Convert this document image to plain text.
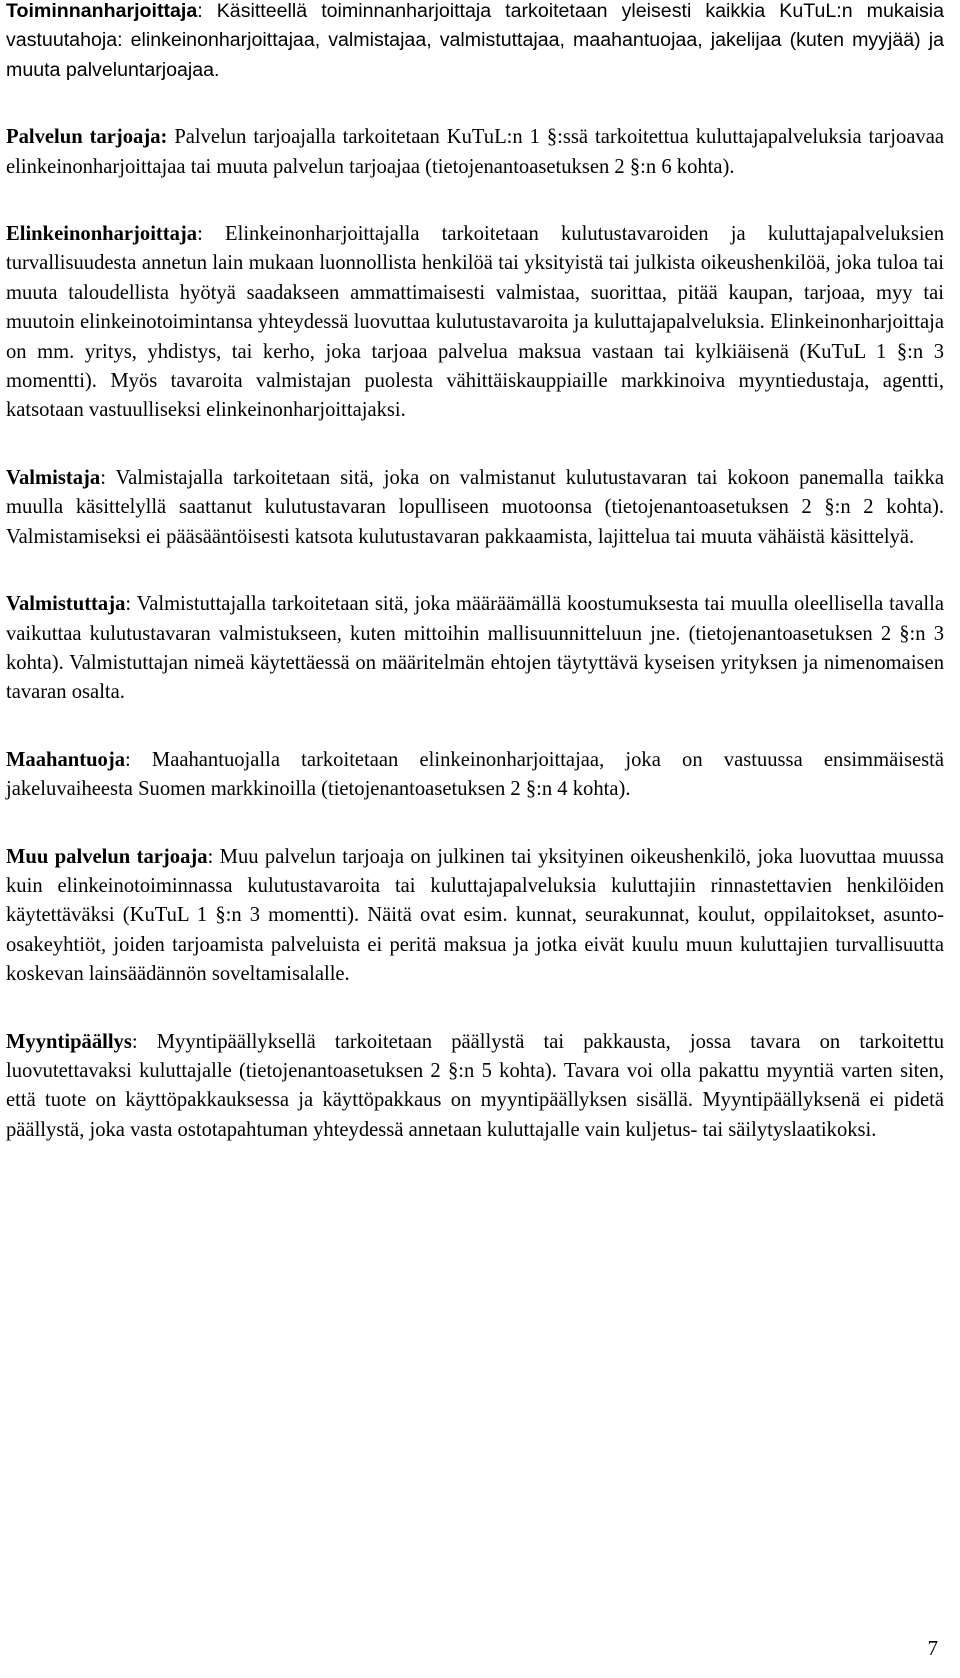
Toiminnanharjoittaja: Käsitteellä toiminnanharjoittaja tarkoitetaan yleisesti kaikkia KuTuL:n mukaisia vastuutahoja: elinkeinonharjoittajaa, valmistajaa, valmistuttajaa, maahantuojaa, jakelijaa (kuten myyjää) ja muuta palveluntarjoajaa.

Palvelun tarjoaja: Palvelun tarjoajalla tarkoitetaan KuTuL:n 1 §:ssä tarkoitettua kuluttajapalveluksia tarjoavaa elinkeinonharjoittajaa tai muuta palvelun tarjoajaa (tietojenantoasetuksen 2 §:n 6 kohta).

Elinkeinonharjoittaja: Elinkeinonharjoittajalla tarkoitetaan kulutustavaroiden ja kuluttajapalveluksien turvallisuudesta annetun lain mukaan luonnollista henkilöä tai yksityistä tai julkista oikeushenkilöä, joka tuloa tai muuta taloudellista hyötyä saadakseen ammattimaisesti valmistaa, suorittaa, pitää kaupan, tarjoaa, myy tai muutoin elinkeinotoimintansa yhteydessä luovuttaa kulutustavaroita ja kuluttajapalveluksia. Elinkeinonharjoittaja on mm. yritys, yhdistys, tai kerho, joka tarjoaa palvelua maksua vastaan tai kylkiäisenä (KuTuL 1 §:n 3 momentti). Myös tavaroita valmistajan puolesta vähittäiskauppiaille markkinoiva myyntiedustaja, agentti, katsotaan vastuulliseksi elinkeinonharjoittajaksi.

Valmistaja: Valmistajalla tarkoitetaan sitä, joka on valmistanut kulutustavaran tai kokoon panemalla taikka muulla käsittelyllä saattanut kulutustavaran lopulliseen muotoonsa (tietojenantoasetuksen 2 §:n 2 kohta). Valmistamiseksi ei pääsääntöisesti katsota kulutustavaran pakkaamista, lajittelua tai muuta vähäistä käsittelyä.

Valmistuttaja: Valmistuttajalla tarkoitetaan sitä, joka määräämällä koostumuksesta tai muulla oleellisella tavalla vaikuttaa kulutustavaran valmistukseen, kuten mittoihin mallisuunnitteluun jne. (tietojenantoasetuksen 2 §:n 3 kohta). Valmistuttajan nimeä käytettäessä on määritelmän ehtojen täytyttävä kyseisen yrityksen ja nimenomaisen tavaran osalta.

Maahantuoja: Maahantuojalla tarkoitetaan elinkeinonharjoittajaa, joka on vastuussa ensimmäisestä jakeluvaiheesta Suomen markkinoilla (tietojenantoasetuksen 2 §:n 4 kohta).

Muu palvelun tarjoaja: Muu palvelun tarjoaja on julkinen tai yksityinen oikeushenkilö, joka luovuttaa muussa kuin elinkeinotoiminnassa kulutustavaroita tai kuluttajapalveluksia kuluttajiin rinnastettavien henkilöiden käytettäväksi (KuTuL 1 §:n 3 momentti). Näitä ovat esim. kunnat, seurakunnat, koulut, oppilaitokset, asuntoosakeyhtiöt, joiden tarjoamista palveluista ei peritä maksua ja jotka eivät kuulu muun kuluttajien turvallisuutta koskevan lainsäädännön soveltamisalalle.

Myyntipäällys: Myyntipäällyksellä tarkoitetaan päällystä tai pakkausta, jossa tavara on tarkoitettu luovutettavaksi kuluttajalle (tietojenantoasetuksen 2 §:n 5 kohta). Tavara voi olla pakattu myyntiä varten siten, että tuote on käyttöpakkauksessa ja käyttöpakkaus on myyntipäällyksen sisällä. Myyntipäällyksenä ei pidetä päällystä, joka vasta ostotapahtuman yhteydessä annetaan kuluttajalle vain kuljetus- tai säilytyslaatikoksi.

7
